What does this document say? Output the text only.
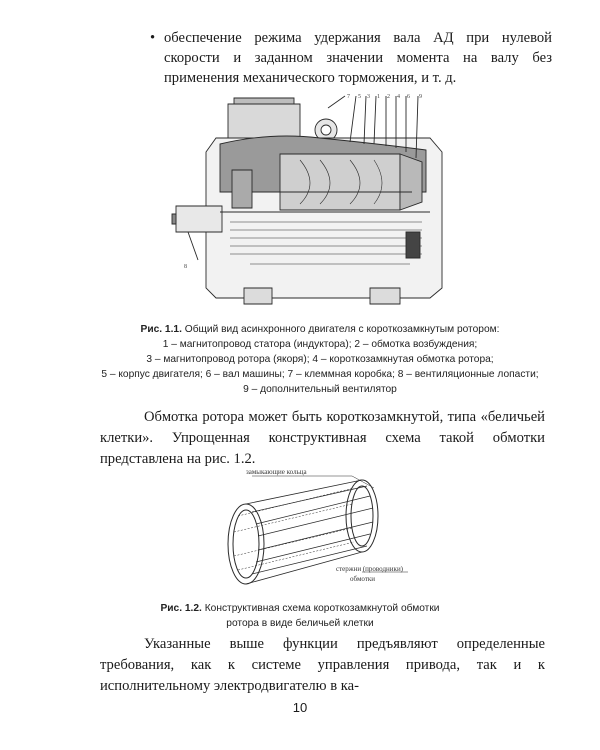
• обеспечение режима удержания вала АД при нулевой скорости и заданном значении момента на валу без применения механического торможения, и т. д.
7 5 3 1 2 4 6 9
8
Рис. 1.1. Общий вид асинхронного двигателя с короткозамкнутым ротором:
1 – магнитопровод статора (индуктора); 2 – обмотка возбуждения;
3 – магнитопровод ротора (якоря); 4 – короткозамкнутая обмотка ротора;
5 – корпус двигателя; 6 – вал машины; 7 – клеммная коробка; 8 – вентиляционные лопасти;
9 – дополнительный вентилятор
Обмотка ротора может быть короткозамкнутой, типа «беличьей клетки». Упрощенная конструктивная схема такой обмотки представлена на рис. 1.2.
замыкающие кольца
стержни (проводники)
обмотки
Рис. 1.2. Конструктивная схема короткозамкнутой обмотки
ротора в виде беличьей клетки
Указанные выше функции предъявляют определенные требования, как к системе управления привода, так и к исполнительному электродвигателю в ка-
10
